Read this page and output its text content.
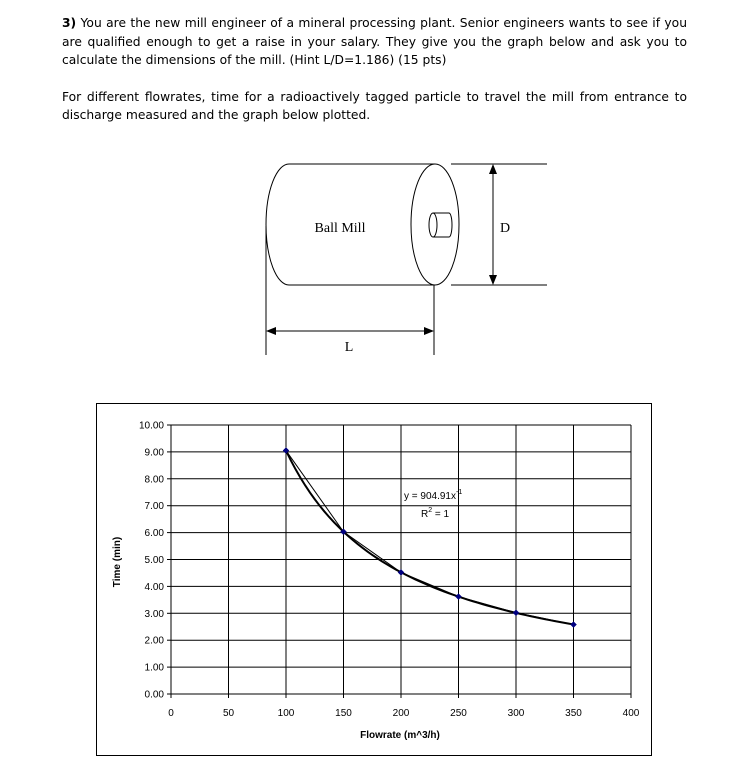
3) You are the new mill engineer of a mineral processing plant. Senior engineers wants to see if you are qualified enough to get a raise in your salary. They give you the graph below and ask you to calculate the dimensions of the mill. (Hint L/D=1.186) (15 pts)

For different flowrates, time for a radioactively tagged particle to travel the mill from entrance to discharge measured and the graph below plotted.

Ball Mill	D
L
0.00
1.00
2.00
3.00
4.00
5.00
6.00
7.00
8.00
9.00
10.00
0	50	100	150	200	250	300	350	400
$y = 904.91x^{-1}$
$R^2 = 1$
Flowrate (m^3/h)
Time (min)
